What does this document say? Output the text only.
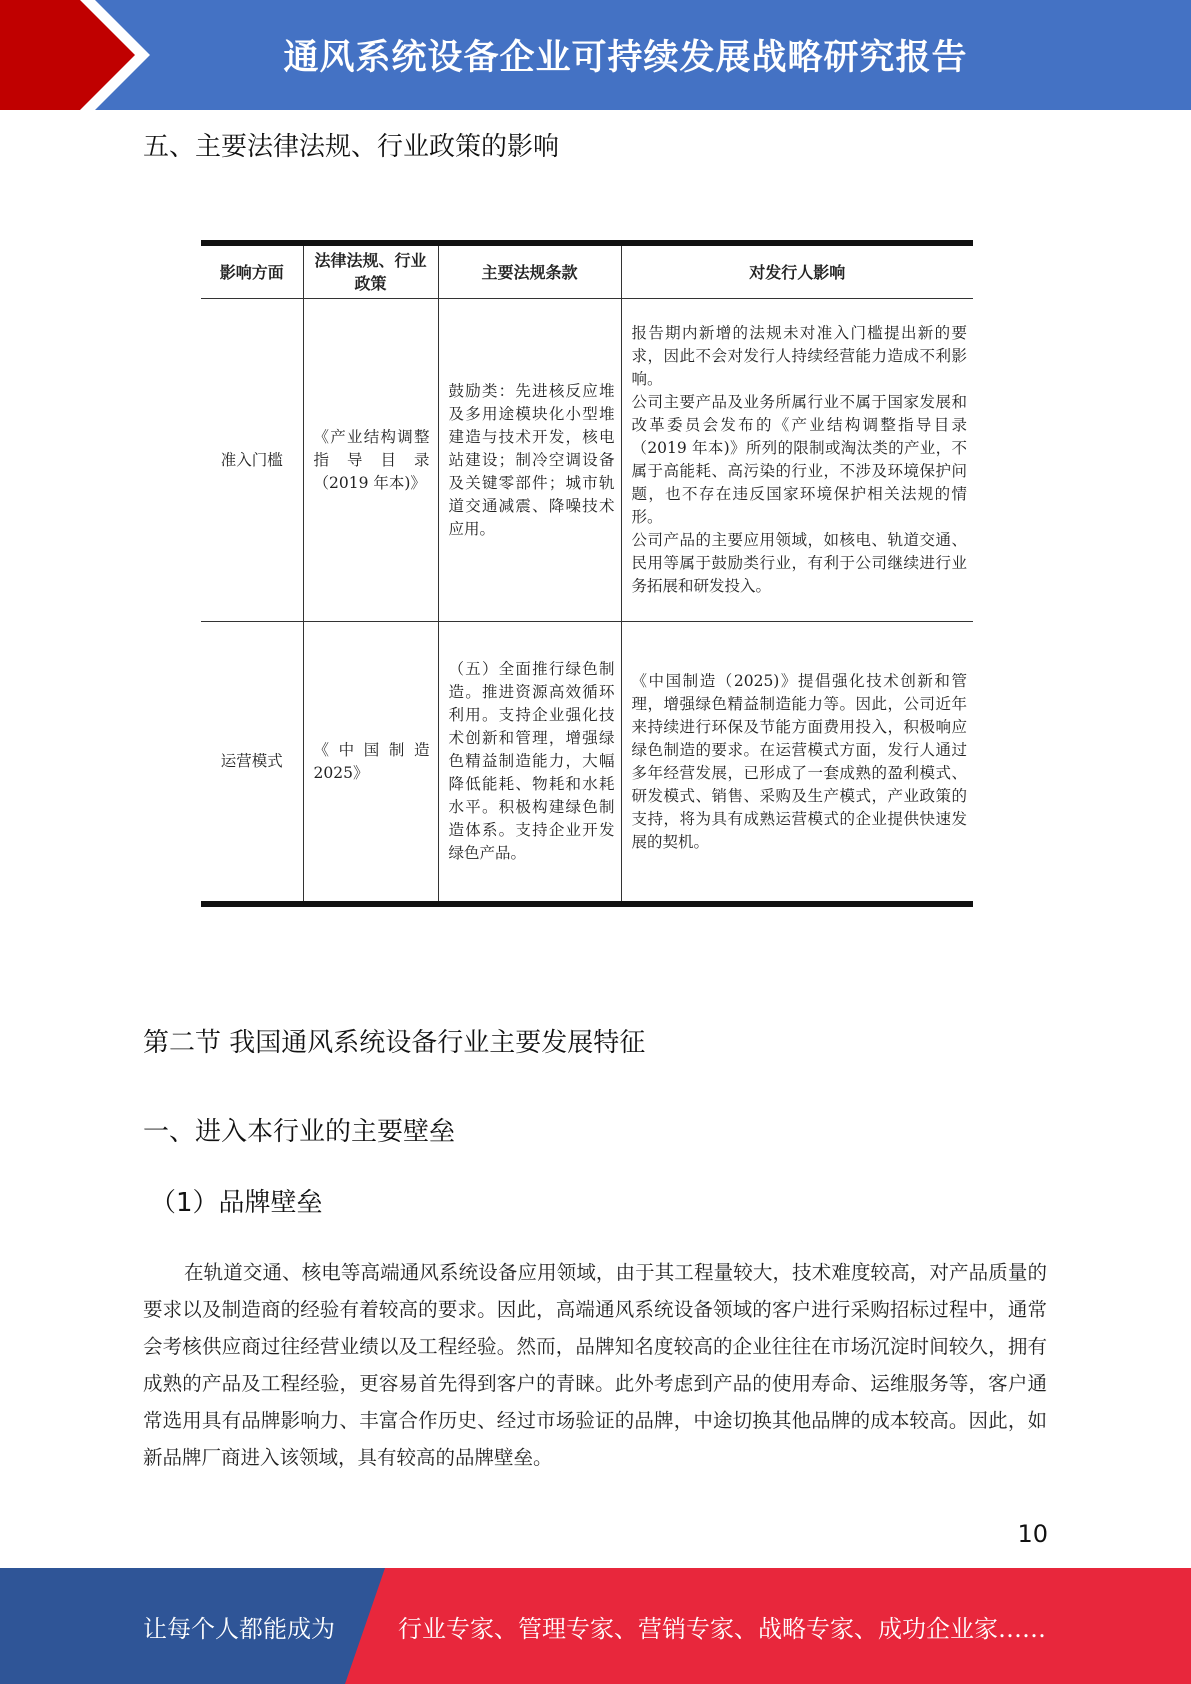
通风系统设备企业可持续发展战略研究报告
五、主要法律法规、行业政策的影响
影响方面	法律法规、行业政策	主要法规条款	对发行人影响
准入门槛	《产业结构调整指导目录（2019 年本)》	鼓励类：先进核反应堆及多用途模块化小型堆建造与技术开发，核电站建设；制冷空调设备及关键零部件；城市轨道交通减震、降噪技术应用。	报告期内新增的法规未对准入门槛提出新的要求，因此不会对发行人持续经营能力造成不利影响。
公司主要产品及业务所属行业不属于国家发展和改革委员会发布的《产业结构调整指导目录（2019 年本)》所列的限制或淘汰类的产业，不属于高能耗、高污染的行业，不涉及环境保护问题，也不存在违反国家环境保护相关法规的情形。
公司产品的主要应用领域，如核电、轨道交通、民用等属于鼓励类行业，有利于公司继续进行业务拓展和研发投入。

运营模式	《中国制造 2025》	（五）全面推行绿色制造。推进资源高效循环利用。支持企业强化技术创新和管理，增强绿色精益制造能力，大幅降低能耗、物耗和水耗水平。积极构建绿色制造体系。支持企业开发绿色产品。	《中国制造（2025)》提倡强化技术创新和管理，增强绿色精益制造能力等。因此，公司近年来持续进行环保及节能方面费用投入，积极响应绿色制造的要求。在运营模式方面，发行人通过多年经营发展，已形成了一套成熟的盈利模式、研发模式、销售、采购及生产模式，产业政策的支持，将为具有成熟运营模式的企业提供快速发展的契机。
第二节 我国通风系统设备行业主要发展特征
一、进入本行业的主要壁垒
（1）品牌壁垒

在轨道交通、核电等高端通风系统设备应用领域，由于其工程量较大，技术难度较高，对产品质量的要求以及制造商的经验有着较高的要求。因此，高端通风系统设备领域的客户进行采购招标过程中，通常会考核供应商过往经营业绩以及工程经验。然而，品牌知名度较高的企业往往在市场沉淀时间较久，拥有成熟的产品及工程经验，更容易首先得到客户的青睐。此外考虑到产品的使用寿命、运维服务等，客户通常选用具有品牌影响力、丰富合作历史、经过市场验证的品牌，中途切换其他品牌的成本较高。因此，如新品牌厂商进入该领域，具有较高的品牌壁垒。

10
让每个人都能成为	行业专家、管理专家、营销专家、战略专家、成功企业家……
